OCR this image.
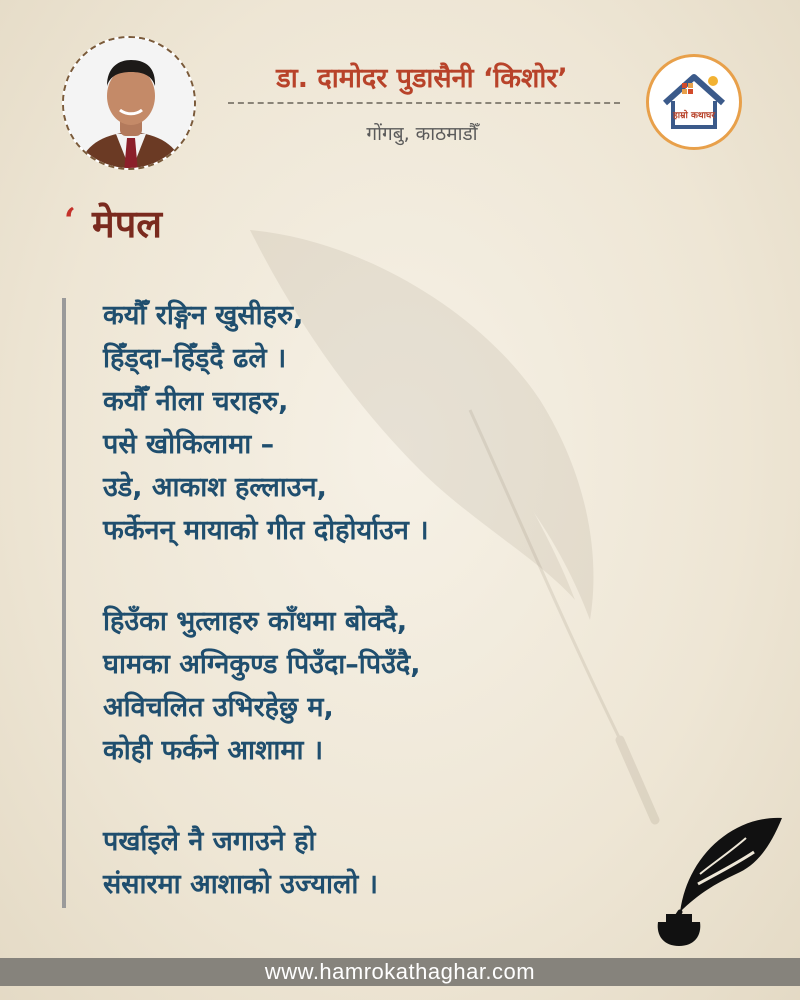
डा. दामोदर पुडासैनी ‘किशोर’

गोंगबु, काठमाडौँ

हाम्रो कथाघर
‘ मेपल
कयौँ रङ्गिन खुसीहरु,
हिँड्दा–हिँड्दै ढले ।
कयौँ नीला चराहरु,
पसे खोकिलामा –
उडे, आकाश हल्लाउन,
फर्केनन् मायाको गीत दोहोर्याउन ।
हिउँका भुत्लाहरु काँधमा बोक्दै,
घामका अग्निकुण्ड पिउँदा–पिउँदै,
अविचलित उभिरहेछु म,
कोही फर्कने आशामा ।
पर्खाइले नै जगाउने हो
संसारमा आशाको उज्यालो ।
www.hamrokathaghar.com
